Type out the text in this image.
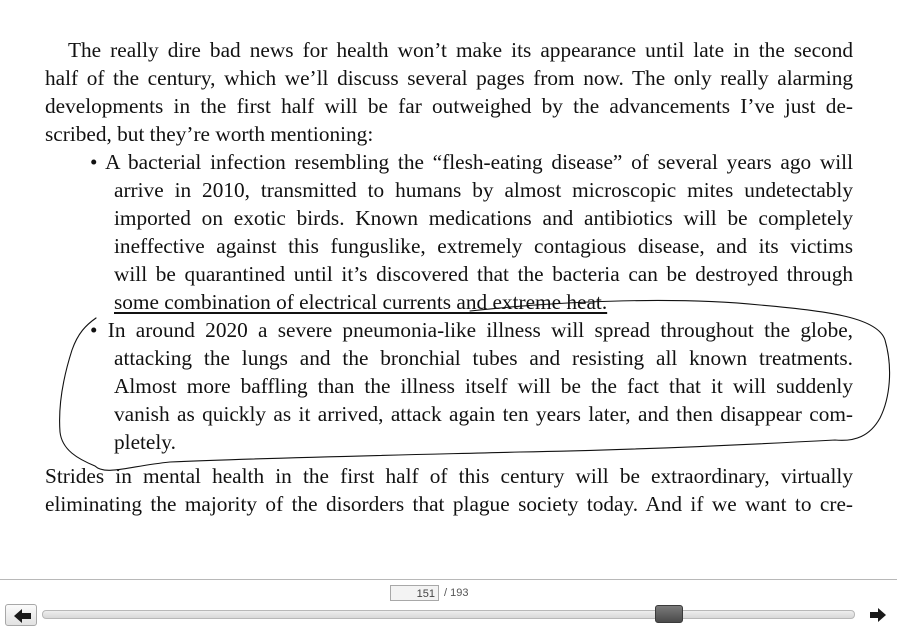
The really dire bad news for health won’t make its appearance until late in the second
half of the century, which we’ll discuss several pages from now. The only really alarming
developments in the first half will be far outweighed by the advancements I’ve just de-
scribed, but they’re worth mentioning:
• A bacterial infection resembling the “flesh-eating disease” of several years ago will
arrive in 2010, transmitted to humans by almost microscopic mites undetectably
imported on exotic birds. Known medications and antibiotics will be completely
ineffective against this funguslike, extremely contagious disease, and its victims
will be quarantined until it’s discovered that the bacteria can be destroyed through
some combination of electrical currents and extreme heat.
• In around 2020 a severe pneumonia-like illness will spread throughout the globe,
attacking the lungs and the bronchial tubes and resisting all known treatments.
Almost more baffling than the illness itself will be the fact that it will suddenly
vanish as quickly as it arrived, attack again ten years later, and then disappear com-
pletely.
Strides in mental health in the first half of this century will be extraordinary, virtually
eliminating the majority of the disorders that plague society today. And if we want to cre-
151 / 193
